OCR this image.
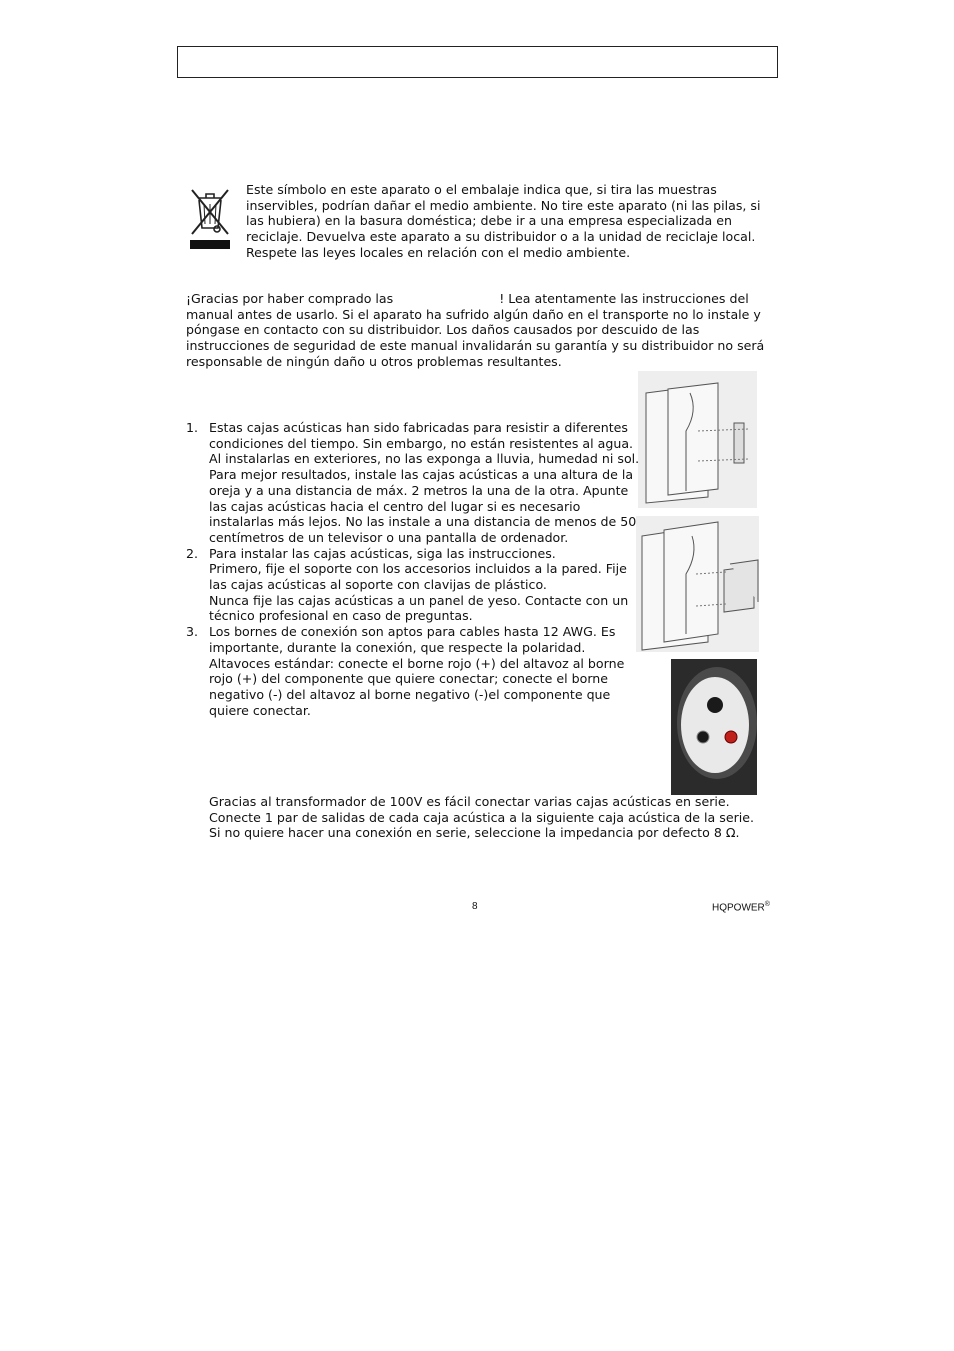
Este símbolo en este aparato o el embalaje indica que, si tira las muestras inservibles, podrían dañar el medio ambiente. No tire este aparato (ni las pilas, si las hubiera) en la basura doméstica; debe ir a una empresa especializada en reciclaje. Devuelva este aparato a su distribuidor o a la unidad de reciclaje local. Respete las leyes locales en relación con el medio ambiente.

¡Gracias por haber comprado las	! Lea atentamente las instrucciones del manual antes de usarlo. Si el aparato ha sufrido algún daño en el transporte no lo instale y póngase en contacto con su distribuidor. Los daños causados por descuido de las instrucciones de seguridad de este manual invalidarán su garantía y su distribuidor no será responsable de ningún daño u otros problemas resultantes.

1. Estas cajas acústicas han sido fabricadas para resistir a diferentes condiciones del tiempo. Sin embargo, no están resistentes al agua. Al instalarlas en exteriores, no las exponga a lluvia, humedad ni sol.
Para mejor resultados, instale las cajas acústicas a una altura de la oreja y a una distancia de máx. 2 metros la una de la otra. Apunte las cajas acústicas hacia el centro del lugar si es necesario instalarlas más lejos. No las instale a una distancia de menos de 50 centímetros de un televisor o una pantalla de ordenador.
2. Para instalar las cajas acústicas, siga las instrucciones.
Primero, fije el soporte con los accesorios incluidos a la pared. Fije las cajas acústicas al soporte con clavijas de plástico.
Nunca fije las cajas acústicas a un panel de yeso. Contacte con un técnico profesional en caso de preguntas.
3. Los bornes de conexión son aptos para cables hasta 12 AWG. Es importante, durante la conexión, que respecte la polaridad.
Altavoces estándar: conecte el borne rojo (+) del altavoz al borne rojo (+) del componente que quiere conectar; conecte el borne negativo (-) del altavoz al borne negativo (-)el componente que quiere conectar.

Gracias al transformador de 100V es fácil conectar varias cajas acústicas en serie. Conecte 1 par de salidas de cada caja acústica a la siguiente caja acústica de la serie. Si no quiere hacer una conexión en serie, seleccione la impedancia por defecto 8 Ω.

8	HQPOWER®
